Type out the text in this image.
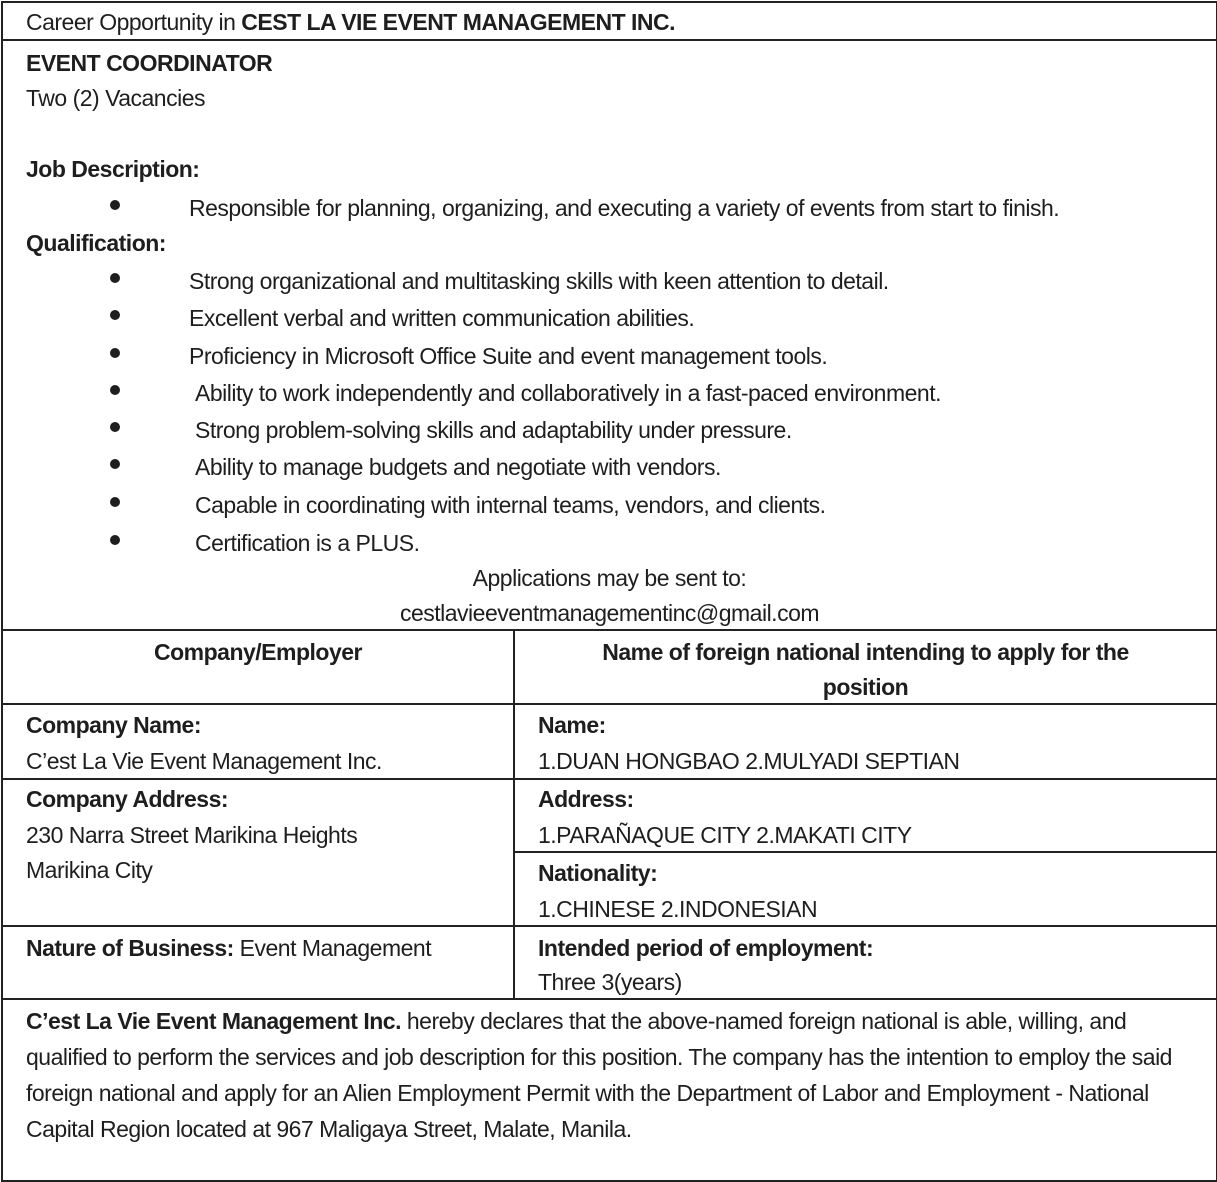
Career Opportunity in CEST LA VIE EVENT MANAGEMENT INC.
EVENT COORDINATOR
Two (2) Vacancies
Job Description:
Responsible for planning, organizing, and executing a variety of events from start to finish.
Qualification:
Strong organizational and multitasking skills with keen attention to detail.
Excellent verbal and written communication abilities.
Proficiency in Microsoft Office Suite and event management tools.
Ability to work independently and collaboratively in a fast-paced environment.
Strong problem-solving skills and adaptability under pressure.
Ability to manage budgets and negotiate with vendors.
Capable in coordinating with internal teams, vendors, and clients.
Certification is a PLUS.
Applications may be sent to:
cestlavieeventmanagementinc@gmail.com
Company/Employer	Name of foreign national intending to apply for the
position
Company Name:
C’est La Vie Event Management Inc.
Company Address:
230 Narra Street Marikina Heights
Marikina City
Nature of Business: Event Management
Name:
1.DUAN HONGBAO 2.MULYADI SEPTIAN
Address:
1.PARAÑAQUE CITY 2.MAKATI CITY
Nationality:
1.CHINESE 2.INDONESIAN
Intended period of employment:
Three 3(years)
C’est La Vie Event Management Inc. hereby declares that the above-named foreign national is able, willing, and qualified to perform the services and job description for this position. The company has the intention to employ the said foreign national and apply for an Alien Employment Permit with the Department of Labor and Employment - National Capital Region located at 967 Maligaya Street, Malate, Manila.
